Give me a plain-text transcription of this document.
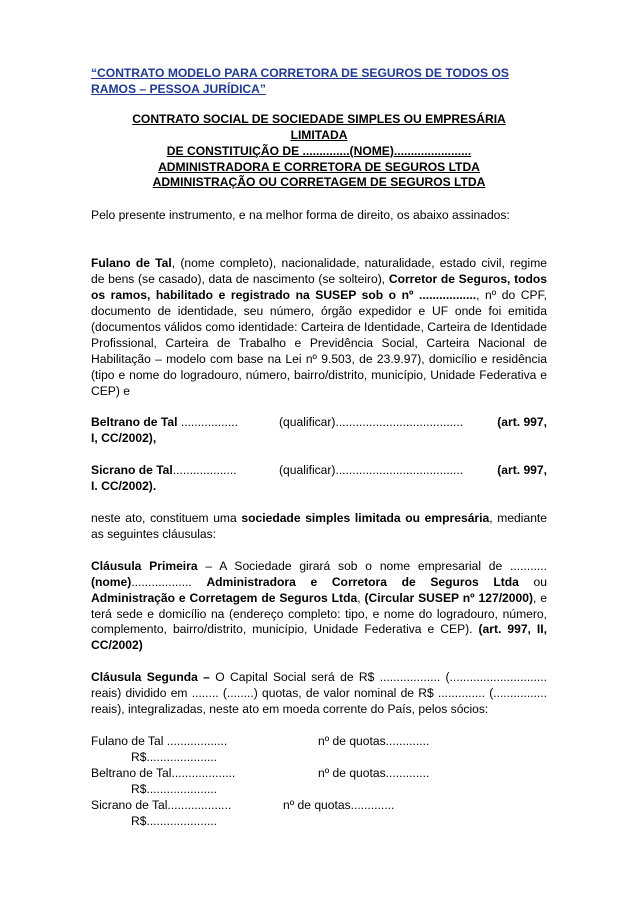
“CONTRATO MODELO PARA CORRETORA DE SEGUROS DE TODOS OS RAMOS – PESSOA JURÍDICA”

CONTRATO SOCIAL DE SOCIEDADE SIMPLES OU EMPRESÁRIA
LIMITADA
DE CONSTITUIÇÃO DE ..............(NOME).......................
ADMINISTRADORA E CORRETORA DE SEGUROS LTDA
ADMINISTRAÇÃO OU CORRETAGEM DE SEGUROS LTDA

Pelo presente instrumento, e na melhor forma de direito, os abaixo assinados:

Fulano de Tal, (nome completo), nacionalidade, naturalidade, estado civil, regime de bens (se casado), data de nascimento (se solteiro), Corretor de Seguros, todos os ramos, habilitado e registrado na SUSEP sob o nº ................., nº do CPF, documento de identidade, seu número, órgão expedidor e UF onde foi emitida (documentos válidos como identidade: Carteira de Identidade, Carteira de Identidade Profissional, Carteira de Trabalho e Previdência Social, Carteira Nacional de Habilitação – modelo com base na Lei nº 9.503, de 23.9.97), domicílio e residência (tipo e nome do logradouro, número, bairro/distrito, município, Unidade Federativa e CEP) e

Beltrano de Tal .................	(qualificar)......................................	(art. 997,
I, CC/2002),
Sicrano de Tal...................	(qualificar)......................................	(art. 997,
I. CC/2002).

neste ato, constituem uma sociedade simples limitada ou empresária, mediante as seguintes cláusulas:

Cláusula Primeira – A Sociedade girará sob o nome empresarial de ........... (nome).................. Administradora e Corretora de Seguros Ltda ou Administração e Corretagem de Seguros Ltda, (Circular SUSEP nº 127/2000), e terá sede e domicílio na (endereço completo: tipo, e nome do logradouro, número, complemento, bairro/distrito, município, Unidade Federativa e CEP). (art. 997, II, CC/2002)

Cláusula Segunda – O Capital Social será de R$ .................. (............................. reais) dividido em ........ (........) quotas, de valor nominal de R$ .............. (................ reais), integralizadas, neste ato em moeda corrente do País, pelos sócios:

Fulano de Tal ..................	nº de quotas.............
R$.....................
Beltrano de Tal...................	nº de quotas.............
R$.....................
Sicrano de Tal...................	nº de quotas.............
R$.....................
